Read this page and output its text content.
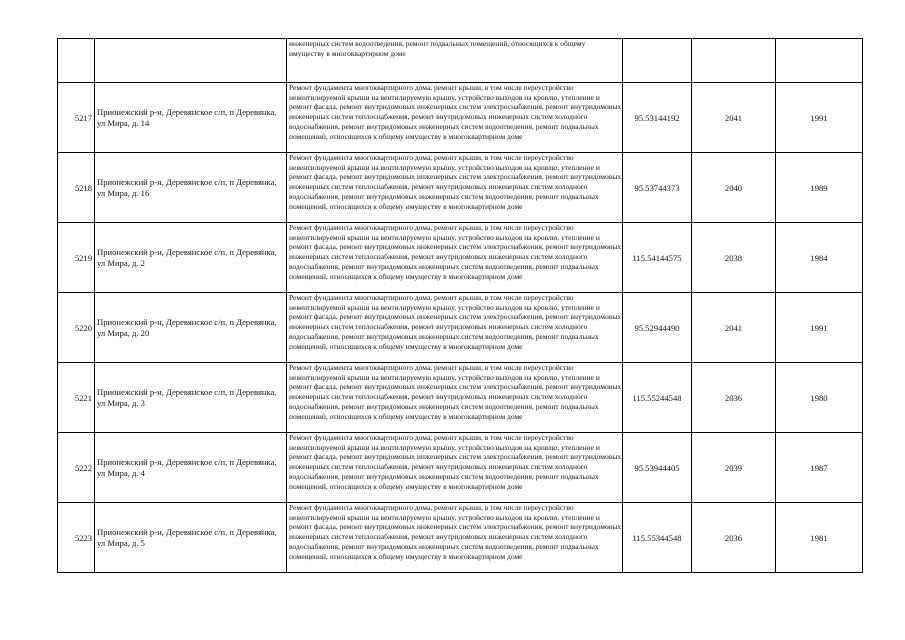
		инженерных систем водоотведения, ремонт подвальных помещений, относящихся к общему имуществу в многоквартирном доме			

5217	Прионежский р-н, Деревянское с/п, п Деревянка, ул Мира, д. 14	Ремонт фундамента многоквартирного дома, ремонт крыши, в том числе переустройство невентилируемой крыши на вентилируемую крышу, устройство выходов на кровлю, утепление и ремонт фасада, ремонт внутридомовых инженерных систем электроснабжения, ремонт внутридомовых инженерных систем теплоснабжения, ремонт внутридомовых инженерных систем холодного водоснабжения, ремонт внутридомовых инженерных систем водоотведения, ремонт подвальных помещений, относящихся к общему имуществу в многоквартирном доме	95.53144192	2041	1991
5218	Прионежский р-н, Деревянское с/п, п Деревянка, ул Мира, д. 16	Ремонт фундамента многоквартирного дома, ремонт крыши, в том числе переустройство невентилируемой крыши на вентилируемую крышу, устройство выходов на кровлю, утепление и ремонт фасада, ремонт внутридомовых инженерных систем электроснабжения, ремонт внутридомовых инженерных систем теплоснабжения, ремонт внутридомовых инженерных систем холодного водоснабжения, ремонт внутридомовых инженерных систем водоотведения, ремонт подвальных помещений, относящихся к общему имуществу в многоквартирном доме	95.53744373	2040	1989
5219	Прионежский р-н, Деревянское с/п, п Деревянка, ул Мира, д. 2	Ремонт фундамента многоквартирного дома, ремонт крыши, в том числе переустройство невентилируемой крыши на вентилируемую крышу, устройство выходов на кровлю, утепление и ремонт фасада, ремонт внутридомовых инженерных систем электроснабжения, ремонт внутридомовых инженерных систем теплоснабжения, ремонт внутридомовых инженерных систем холодного водоснабжения, ремонт внутридомовых инженерных систем водоотведения, ремонт подвальных помещений, относящихся к общему имуществу в многоквартирном доме	115.54144575	2038	1984
5220	Прионежский р-н, Деревянское с/п, п Деревянка, ул Мира, д. 20	Ремонт фундамента многоквартирного дома, ремонт крыши, в том числе переустройство невентилируемой крыши на вентилируемую крышу, устройство выходов на кровлю, утепление и ремонт фасада, ремонт внутридомовых инженерных систем электроснабжения, ремонт внутридомовых инженерных систем теплоснабжения, ремонт внутридомовых инженерных систем холодного водоснабжения, ремонт внутридомовых инженерных систем водоотведения, ремонт подвальных помещений, относящихся к общему имуществу в многоквартирном доме	95.52944490	2041	1991
5221	Прионежский р-н, Деревянское с/п, п Деревянка, ул Мира, д. 3	Ремонт фундамента многоквартирного дома, ремонт крыши, в том числе переустройство невентилируемой крыши на вентилируемую крышу, устройство выходов на кровлю, утепление и ремонт фасада, ремонт внутридомовых инженерных систем электроснабжения, ремонт внутридомовых инженерных систем теплоснабжения, ремонт внутридомовых инженерных систем холодного водоснабжения, ремонт внутридомовых инженерных систем водоотведения, ремонт подвальных помещений, относящихся к общему имуществу в многоквартирном доме	115.55244548	2036	1980
5222	Прионежский р-н, Деревянское с/п, п Деревянка, ул Мира, д. 4	Ремонт фундамента многоквартирного дома, ремонт крыши, в том числе переустройство невентилируемой крыши на вентилируемую крышу, устройство выходов на кровлю, утепление и ремонт фасада, ремонт внутридомовых инженерных систем электроснабжения, ремонт внутридомовых инженерных систем теплоснабжения, ремонт внутридомовых инженерных систем холодного водоснабжения, ремонт внутридомовых инженерных систем водоотведения, ремонт подвальных помещений, относящихся к общему имуществу в многоквартирном доме	95.53944405	2039	1987
5223	Прионежский р-н, Деревянское с/п, п Деревянка, ул Мира, д. 5	Ремонт фундамента многоквартирного дома, ремонт крыши, в том числе переустройство невентилируемой крыши на вентилируемую крышу, устройство выходов на кровлю, утепление и ремонт фасада, ремонт внутридомовых инженерных систем электроснабжения, ремонт внутридомовых инженерных систем теплоснабжения, ремонт внутридомовых инженерных систем холодного водоснабжения, ремонт внутридомовых инженерных систем водоотведения, ремонт подвальных помещений, относящихся к общему имуществу в многоквартирном доме	115.55344548	2036	1981
